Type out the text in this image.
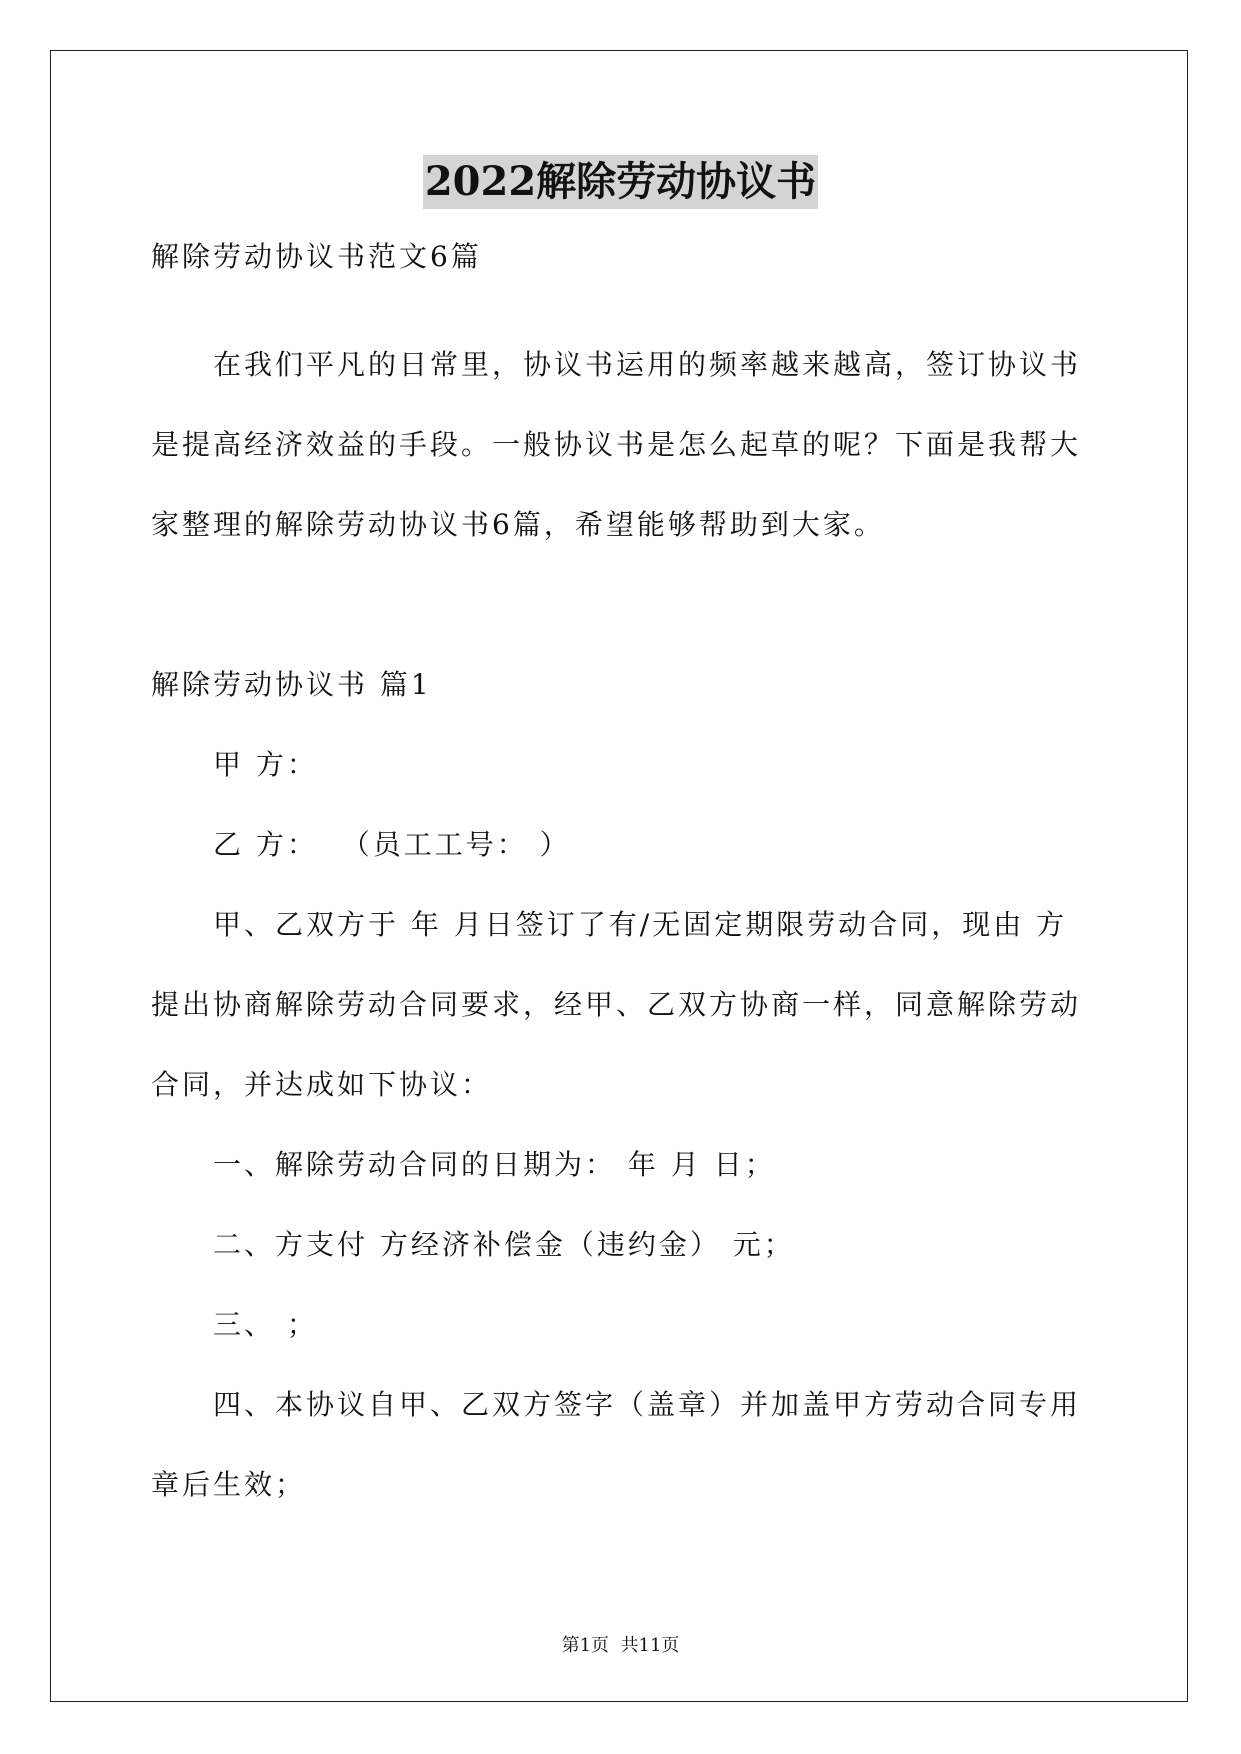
2022解除劳动协议书
解除劳动协议书范文6篇
在我们平凡的日常里，协议书运用的频率越来越高，签订协议书
是提高经济效益的手段。一般协议书是怎么起草的呢？下面是我帮大
家整理的解除劳动协议书6篇，希望能够帮助到大家。
解除劳动协议书 篇1
甲 方：
乙 方：  （员工工号： ）
甲、乙双方于 年 月日签订了有/无固定期限劳动合同，现由 方
提出协商解除劳动合同要求，经甲、乙双方协商一样，同意解除劳动
合同，并达成如下协议：
一、解除劳动合同的日期为： 年 月 日；
二、方支付 方经济补偿金（违约金） 元；
三、 ；
四、本协议自甲、乙双方签字（盖章）并加盖甲方劳动合同专用
章后生效；
第1页  共11页
